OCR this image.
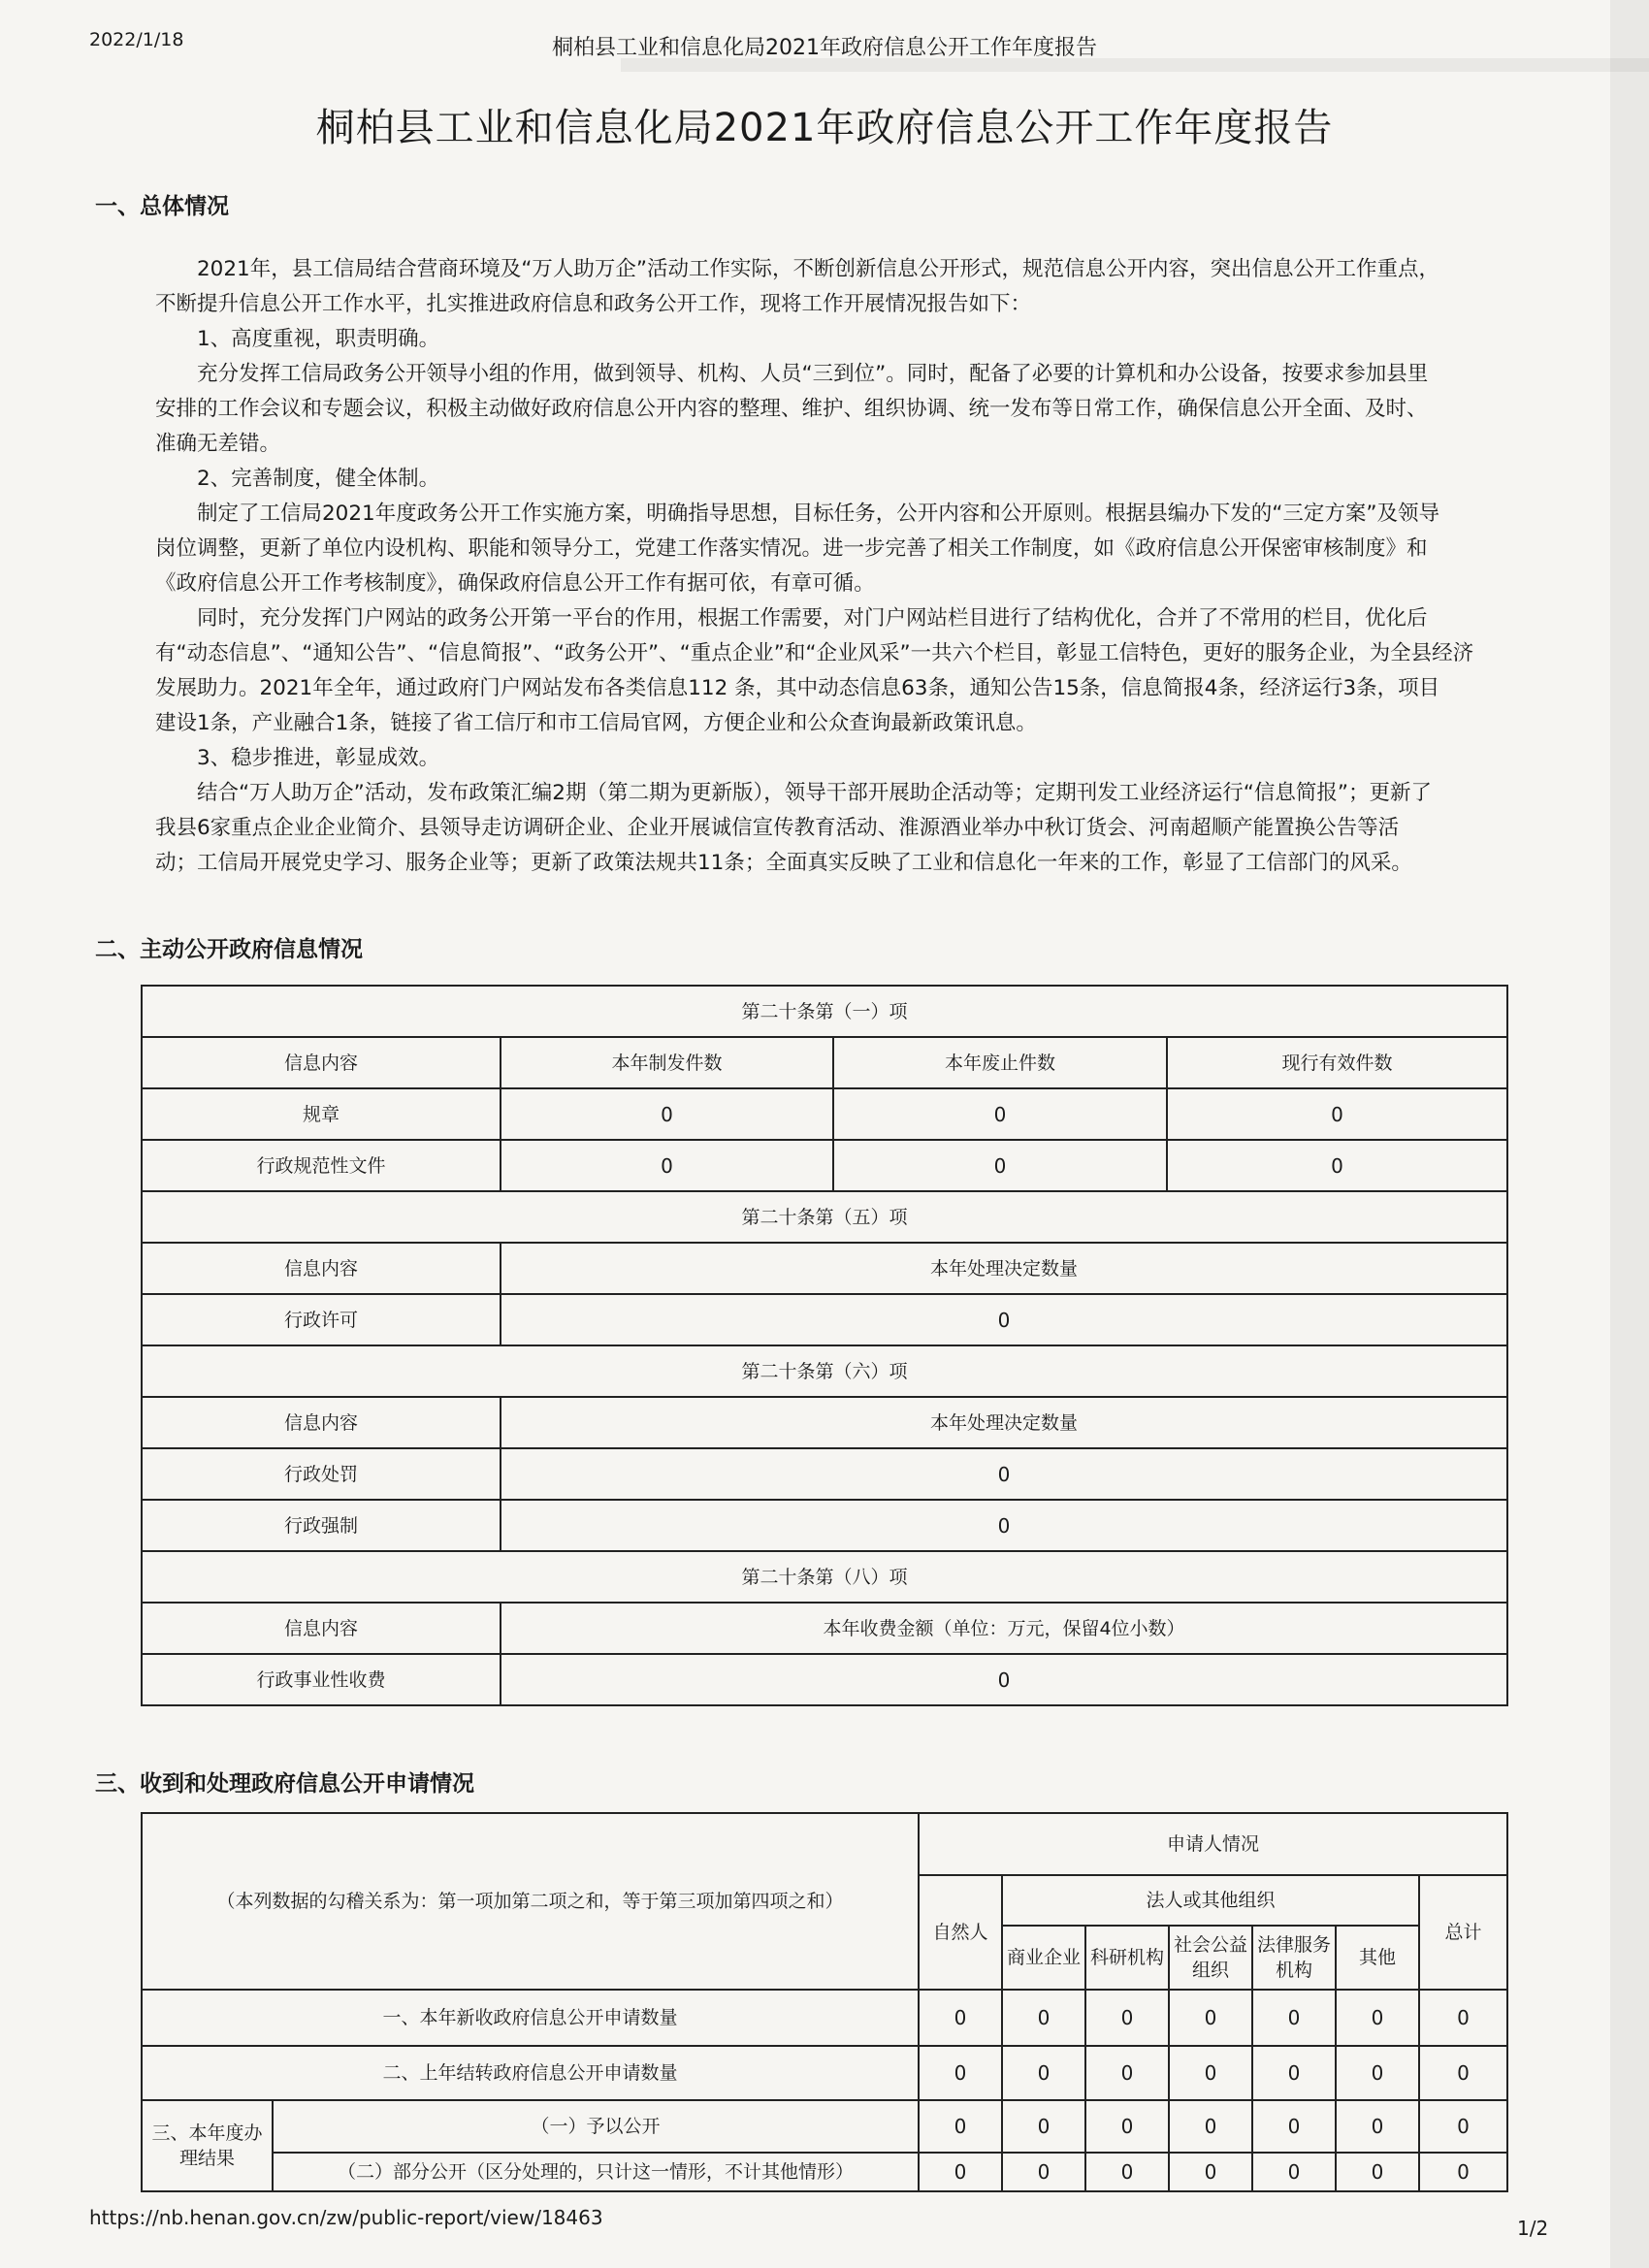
2022/1/18	桐柏县工业和信息化局2021年政府信息公开工作年度报告
桐柏县工业和信息化局2021年政府信息公开工作年度报告
一、总体情况

2021年，县工信局结合营商环境及“万人助万企”活动工作实际，不断创新信息公开形式，规范信息公开内容，突出信息公开工作重点，

不断提升信息公开工作水平，扎实推进政府信息和政务公开工作，现将工作开展情况报告如下：

1、高度重视，职责明确。

充分发挥工信局政务公开领导小组的作用，做到领导、机构、人员“三到位”。同时，配备了必要的计算机和办公设备，按要求参加县里

安排的工作会议和专题会议，积极主动做好政府信息公开内容的整理、维护、组织协调、统一发布等日常工作，确保信息公开全面、及时、

准确无差错。

2、完善制度，健全体制。

制定了工信局2021年度政务公开工作实施方案，明确指导思想，目标任务，公开内容和公开原则。根据县编办下发的“三定方案”及领导

岗位调整，更新了单位内设机构、职能和领导分工，党建工作落实情况。进一步完善了相关工作制度，如《政府信息公开保密审核制度》和

《政府信息公开工作考核制度》，确保政府信息公开工作有据可依，有章可循。

同时，充分发挥门户网站的政务公开第一平台的作用，根据工作需要，对门户网站栏目进行了结构优化，合并了不常用的栏目，优化后

有“动态信息”、“通知公告”、“信息简报”、“政务公开”、“重点企业”和“企业风采”一共六个栏目，彰显工信特色，更好的服务企业，为全县经济

发展助力。2021年全年，通过政府门户网站发布各类信息112 条，其中动态信息63条，通知公告15条，信息简报4条，经济运行3条，项目

建设1条，产业融合1条，链接了省工信厅和市工信局官网，方便企业和公众查询最新政策讯息。

3、稳步推进，彰显成效。

结合“万人助万企”活动，发布政策汇编2期（第二期为更新版），领导干部开展助企活动等；定期刊发工业经济运行“信息简报”；更新了

我县6家重点企业企业简介、县领导走访调研企业、企业开展诚信宣传教育活动、淮源酒业举办中秋订货会、河南超顺产能置换公告等活

动；工信局开展党史学习、服务企业等；更新了政策法规共11条；全面真实反映了工业和信息化一年来的工作，彰显了工信部门的风采。

二、主动公开政府信息情况
第二十条第（一）项			
信息内容	本年制发件数	本年废止件数	现行有效件数
规章	0	0	0
行政规范性文件	0	0	0
第二十条第（五）项			
信息内容	本年处理决定数量		
行政许可	0		
第二十条第（六）项			
信息内容	本年处理决定数量		
行政处罚	0		
行政强制	0		
第二十条第（八）项			
信息内容	本年收费金额（单位：万元，保留4位小数）		
行政事业性收费	0		
三、收到和处理政府信息公开申请情况
（本列数据的勾稽关系为：第一项加第二项之和，等于第三项加第四项之和）		申请人情况						
		自然人	法人或其他组织					总计
			商业企业	科研机构	社会公益组织	法律服务机构	其他	
一、本年新收政府信息公开申请数量		0	0	0	0	0	0	0
二、上年结转政府信息公开申请数量		0	0	0	0	0	0	0
三、本年度办理结果	（一）予以公开	0	0	0	0	0	0	0
	（二）部分公开（区分处理的，只计这一情形，不计其他情形）	0	0	0	0	0	0	0
https://nb.henan.gov.cn/zw/public-report/view/18463	1/2
